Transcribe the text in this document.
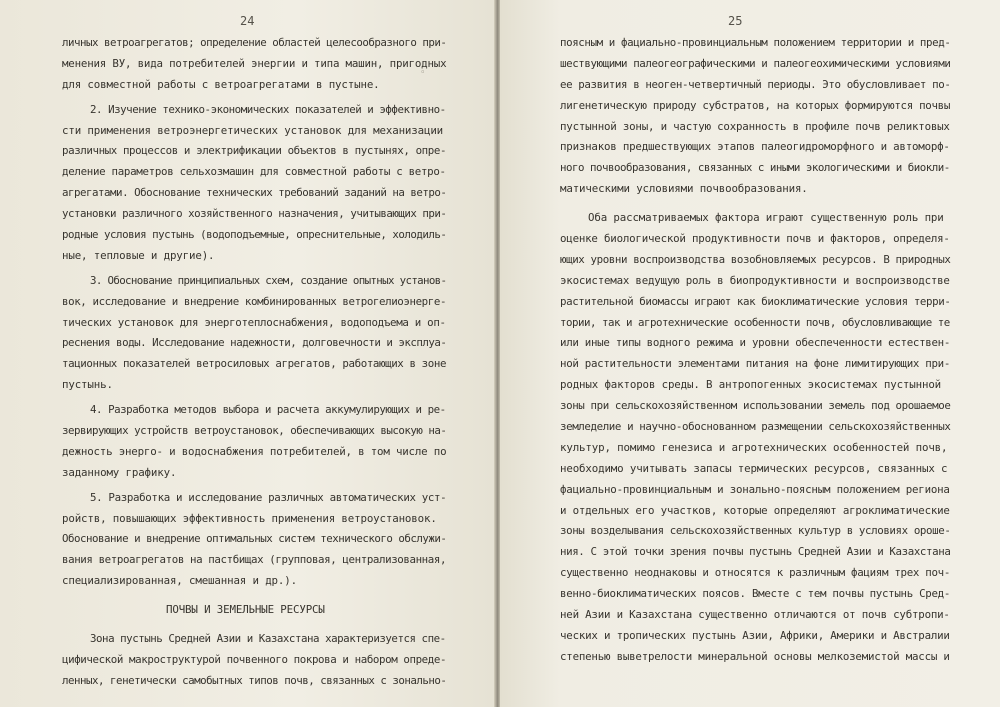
24
◦
личных ветроагрегатов; определение областей целесообразного при-
менения ВУ, вида потребителей энергии и типа машин, пригодных
для совместной работы с ветроагрегатами в пустыне.
2. Изучение технико-экономических показателей и эффективно-
сти применения ветроэнергетических установок для механизации
различных процессов и электрификации объектов в пустынях, опре-
деление параметров сельхозмашин для совместной работы с ветро-
агрегатами. Обоснование технических требований заданий на ветро-
установки различного хозяйственного назначения, учитывающих при-
родные условия пустынь (водоподъемные, опреснительные, холодиль-
ные, тепловые и другие).
3. Обоснование принципиальных схем, создание опытных установ-
вок, исследование и внедрение комбинированных ветрогелиоэнерге-
тических установок для энерготеплоснабжения, водоподъема и оп-
реснения воды. Исследование надежности, долговечности и эксплуа-
тационных показателей ветросиловых агрегатов, работающих в зоне
пустынь.
4. Разработка методов выбора и расчета аккумулирующих и ре-
зервирующих устройств ветроустановок, обеспечивающих высокую на-
дежность энерго- и водоснабжения потребителей, в том числе по
заданному графику.
5. Разработка и исследование различных автоматических уст-
ройств, повышающих эффективность применения ветроустановок.
Обоснование и внедрение оптимальных систем технического обслужи-
вания ветроагрегатов на пастбищах (групповая, централизованная,
специализированная, смешанная и др.).
ПОЧВЫ И ЗЕМЕЛЬНЫЕ РЕСУРСЫ
Зона пустынь Средней Азии и Казахстана характеризуется спе-
цифической макроструктурой почвенного покрова и набором опреде-
ленных, генетически самобытных типов почв, связанных с зонально-
25
поясным и фациально-провинциальным положением территории и пред-
шествующими палеогеографическими и палеогеохимическими условиями
ее развития в неоген-четвертичный периоды. Это обусловливает по-
лигенетическую природу субстратов, на которых формируются почвы
пустынной зоны, и частую сохранность в профиле почв реликтовых
признаков предшествующих этапов палеогидроморфного и автоморф-
ного почвообразования, связанных с иными экологическими и биокли-
матическими условиями почвообразования.
Оба рассматриваемых фактора играют существенную роль при
оценке биологической продуктивности почв и факторов, определя-
ющих уровни воспроизводства возобновляемых ресурсов. В природных
экосистемах ведущую роль в биопродуктивности и воспроизводстве
растительной биомассы играют как биоклиматические условия терри-
тории, так и агротехнические особенности почв, обусловливающие те
или иные типы водного режима и уровни обеспеченности естествен-
ной растительности элементами питания на фоне лимитирующих при-
родных факторов среды. В антропогенных экосистемах пустынной
зоны при сельскохозяйственном использовании земель под орошаемое
земледелие и научно-обоснованном размещении сельскохозяйственных
культур, помимо генезиса и агротехнических особенностей почв,
необходимо учитывать запасы термических ресурсов, связанных с
фациально-провинциальным и зонально-поясным положением региона
и отдельных его участков, которые определяют агроклиматические
зоны возделывания сельскохозяйственных культур в условиях ороше-
ния. С этой точки зрения почвы пустынь Средней Азии и Казахстана
существенно неоднаковы и относятся к различным фациям трех поч-
венно-биоклиматических поясов. Вместе с тем почвы пустынь Сред-
ней Азии и Казахстана существенно отличаются от почв субтропи-
ческих и тропических пустынь Азии, Африки, Америки и Австралии
степенью выветрелости минеральной основы мелкоземистой массы и
